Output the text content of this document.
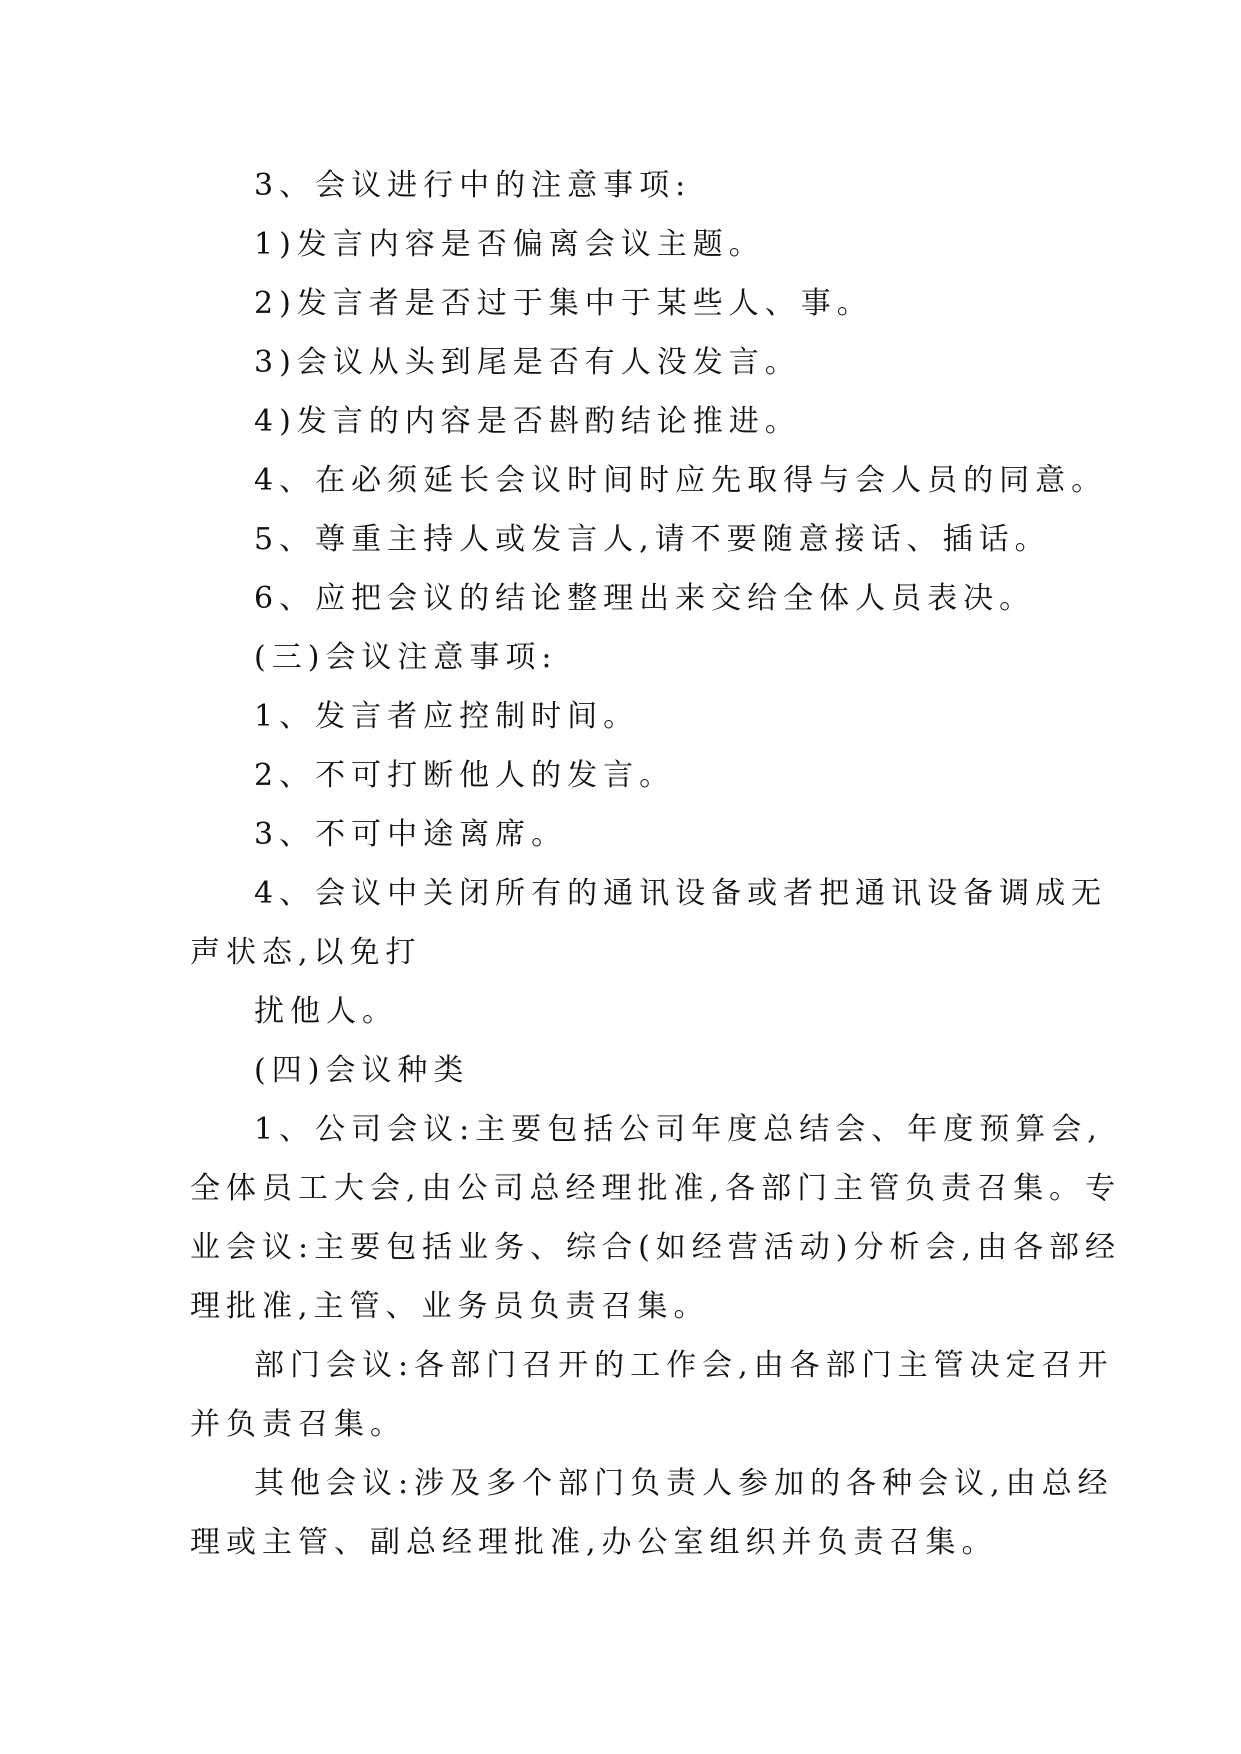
3、会议进行中的注意事项:

1)发言内容是否偏离会议主题。

2)发言者是否过于集中于某些人、事。

3)会议从头到尾是否有人没发言。

4)发言的内容是否斟酌结论推进。

4、在必须延长会议时间时应先取得与会人员的同意。

5、尊重主持人或发言人,请不要随意接话、插话。

6、应把会议的结论整理出来交给全体人员表决。

(三)会议注意事项:

1、发言者应控制时间。

2、不可打断他人的发言。

3、不可中途离席。

4、会议中关闭所有的通讯设备或者把通讯设备调成无

声状态,以免打

扰他人。

(四)会议种类

1、公司会议:主要包括公司年度总结会、年度预算会,

全体员工大会,由公司总经理批准,各部门主管负责召集。专

业会议:主要包括业务、综合(如经营活动)分析会,由各部经

理批准,主管、业务员负责召集。

部门会议:各部门召开的工作会,由各部门主管决定召开

并负责召集。

其他会议:涉及多个部门负责人参加的各种会议,由总经

理或主管、副总经理批准,办公室组织并负责召集。
